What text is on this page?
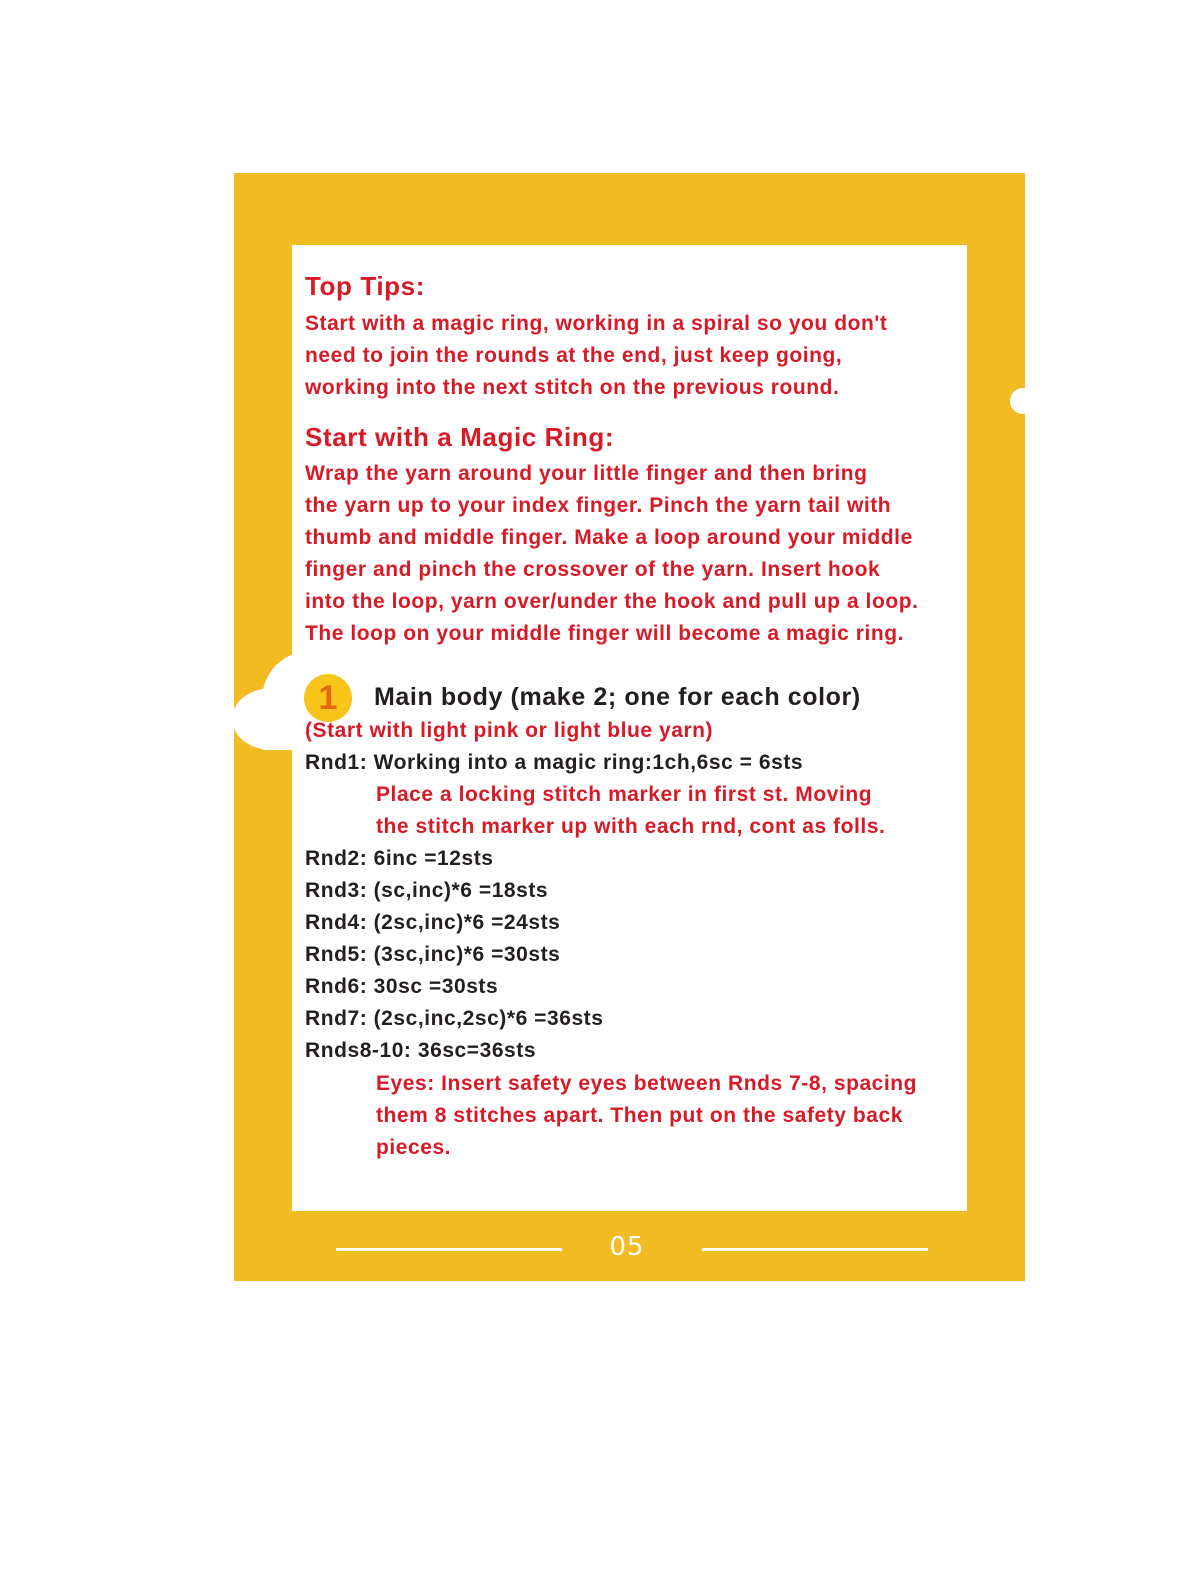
Top Tips:
Start with a magic ring, working in a spiral so you don't
need to join the rounds at the end, just keep going,
working into the next stitch on the previous round.
Start with a Magic Ring:
Wrap the yarn around your little finger and then bring
the yarn up to your index finger. Pinch the yarn tail with
thumb and middle finger. Make a loop around your middle
finger and pinch the crossover of the yarn. Insert hook
into the loop, yarn over/under the hook and pull up a loop.
The loop on your middle finger will become a magic ring.
1	Main body (make 2; one for each color)
(Start with light pink or light blue yarn)
Rnd1: Working into a magic ring:1ch,6sc = 6sts
Place a locking stitch marker in first st. Moving
the stitch marker up with each rnd, cont as folls.
Rnd2: 6inc =12sts
Rnd3: (sc,inc)*6 =18sts
Rnd4: (2sc,inc)*6 =24sts
Rnd5: (3sc,inc)*6 =30sts
Rnd6: 30sc =30sts
Rnd7: (2sc,inc,2sc)*6 =36sts
Rnds8-10: 36sc=36sts
Eyes: Insert safety eyes between Rnds 7-8, spacing
them 8 stitches apart. Then put on the safety back
pieces.
05
